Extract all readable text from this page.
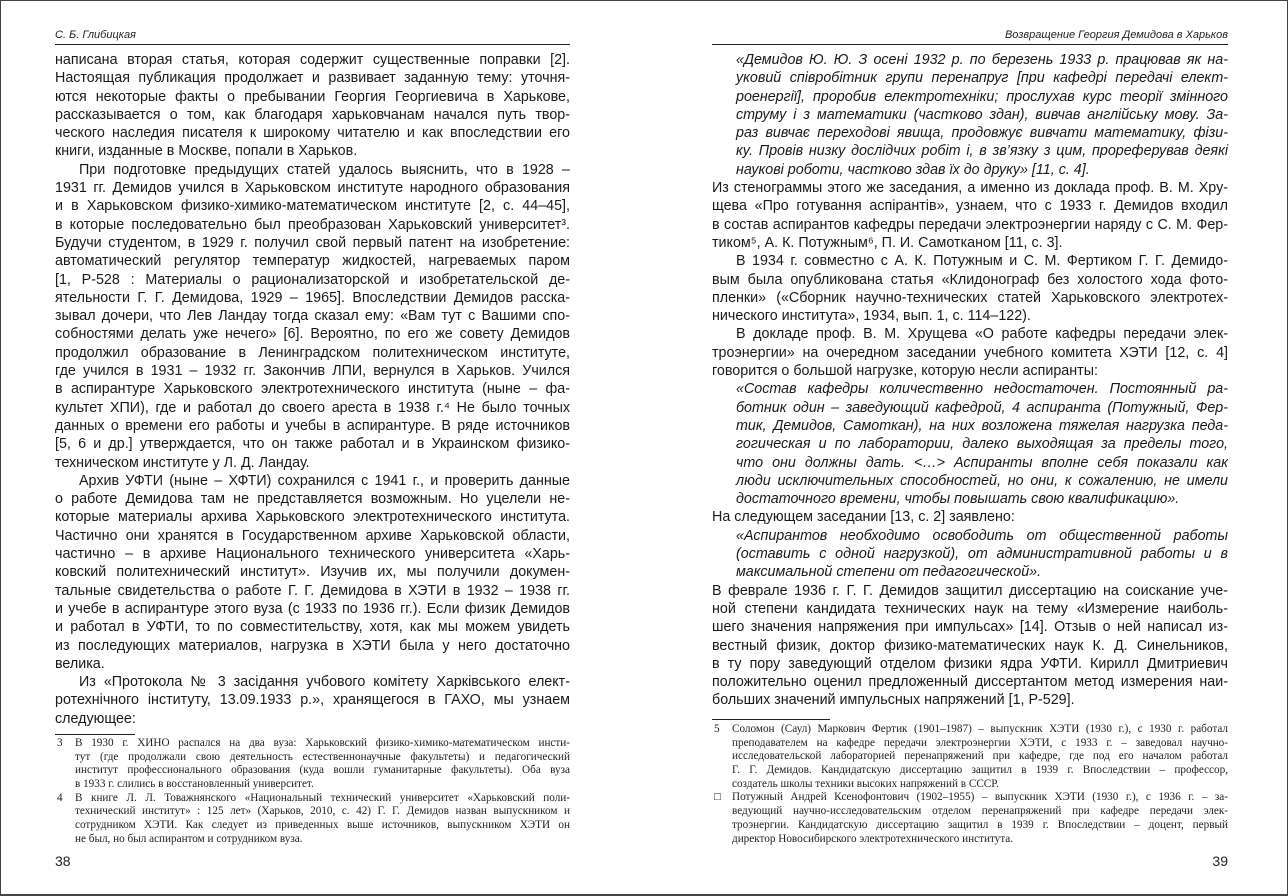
С. Б. Глибицкая
написана вторая статья, которая содержит существенные поправки [2].
Настоящая публикация продолжает и развивает заданную тему: уточня-
ются некоторые факты о пребывании Георгия Георгиевича в Харькове,
рассказывается о том, как благодаря харьковчанам начался путь твор-
ческого наследия писателя к широкому читателю и как впоследствии его
книги, изданные в Москве, попали в Харьков.
При подготовке предыдущих статей удалось выяснить, что в 1928 –
1931 гг. Демидов учился в Харьковском институте народного образования
и в Харьковском физико-химико-математическом институте [2, с. 44–45],
в которые последовательно был преобразован Харьковский университет³.
Будучи студентом, в 1929 г. получил свой первый патент на изобретение:
автоматический регулятор температур жидкостей, нагреваемых паром
[1, Р-528 : Материалы о рационализаторской и изобретательской де-
ятельности Г. Г. Демидова, 1929 – 1965]. Впоследствии Демидов расска-
зывал дочери, что Лев Ландау тогда сказал ему: «Вам тут с Вашими спо-
собностями делать уже нечего» [6]. Вероятно, по его же совету Демидов
продолжил образование в Ленинградском политехническом институте,
где учился в 1931 – 1932 гг. Закончив ЛПИ, вернулся в Харьков. Учился
в аспирантуре Харьковского электротехнического института (ныне – фа-
культет ХПИ), где и работал до своего ареста в 1938 г.⁴ Не было точных
данных о времени его работы и учебы в аспирантуре. В ряде источников
[5, 6 и др.] утверждается, что он также работал и в Украинском физико-
техническом институте у Л. Д. Ландау.
Архив УФТИ (ныне – ХФТИ) сохранился с 1941 г., и проверить данные
о работе Демидова там не представляется возможным. Но уцелели не-
которые материалы архива Харьковского электротехнического института.
Частично они хранятся в Государственном архиве Харьковской области,
частично – в архиве Национального технического университета «Харь-
ковский политехнический институт». Изучив их, мы получили докумен-
тальные свидетельства о работе Г. Г. Демидова в ХЭТИ в 1932 – 1938 гг.
и учебе в аспирантуре этого вуза (с 1933 по 1936 гг.). Если физик Демидов
и работал в УФТИ, то по совместительству, хотя, как мы можем увидеть
из последующих материалов, нагрузка в ХЭТИ была у него достаточно
велика.
Из «Протокола № 3 засідання учбового комітету Харківського елект-
ротехнічного інституту, 13.09.1933 р.», хранящегося в ГАХО, мы узнаем
следующее:
3 В 1930 г. ХИНО распался на два вуза: Харьковский физико-химико-математическом инсти-
тут (где продолжали свою деятельность естественнонаучные факультеты) и педагогический
институт профессионального образования (куда вошли гуманитарные факультеты). Оба вуза
в 1933 г. слились в восстановленный университет.
4 В книге Л. Л. Товажнянского «Национальный технический университет «Харьковский поли-
технический институт» : 125 лет» (Харьков, 2010, с. 42) Г. Г. Демидов назван выпускником и
сотрудником ХЭТИ. Как следует из приведенных выше источников, выпускником ХЭТИ он
не был, но был аспирантом и сотрудником вуза.
38
Возвращение Георгия Демидова в Харьков
«Демидов Ю. Ю. З осені 1932 р. по березень 1933 р. працював як на-
уковий співробітник групи перенапруг [при кафедрі передачі елект-
роенергії], проробив електротехніки; прослухав курс теорії змінного
струму і з математики (частково здан), вивчав англійську мову. За-
раз вивчає переходові явища, продовжує вивчати математику, фізи-
ку. Провів низку дослідчих робіт і, в зв’язку з цим, прореферував деякі
наукові роботи, частково здав їх до друку» [11, с. 4].
Из стенограммы этого же заседания, а именно из доклада проф. В. М. Хру-
щева «Про готування аспірантів», узнаем, что с 1933 г. Демидов входил
в состав аспирантов кафедры передачи электроэнергии наряду с С. М. Фер-
тиком⁵, А. К. Потужным⁶, П. И. Самотканом [11, с. 3].
В 1934 г. совместно с А. К. Потужным и С. М. Фертиком Г. Г. Демидо-
вым была опубликована статья «Клидонограф без холостого хода фото-
пленки» («Сборник научно-технических статей Харьковского электротех-
нического института», 1934, вып. 1, с. 114–122).
В докладе проф. В. М. Хрущева «О работе кафедры передачи элек-
троэнергии» на очередном заседании учебного комитета ХЭТИ [12, с. 4]
говорится о большой нагрузке, которую несли аспиранты:
«Состав кафедры количественно недостаточен. Постоянный ра-
ботник один – заведующий кафедрой, 4 аспиранта (Потужный, Фер-
тик, Демидов, Самоткан), на них возложена тяжелая нагрузка педа-
гогическая и по лаборатории, далеко выходящая за пределы того,
что они должны дать. <…> Аспиранты вполне себя показали как
люди исключительных способностей, но они, к сожалению, не имели
достаточного времени, чтобы повышать свою квалификацию».
На следующем заседании [13, с. 2] заявлено:
«Аспирантов необходимо освободить от общественной работы
(оставить с одной нагрузкой), от административной работы и в
максимальной степени от педагогической».
В феврале 1936 г. Г. Г. Демидов защитил диссертацию на соискание уче-
ной степени кандидата технических наук на тему «Измерение наиболь-
шего значения напряжения при импульсах» [14]. Отзыв о ней написал из-
вестный физик, доктор физико-математических наук К. Д. Синельников,
в ту пору заведующий отделом физики ядра УФТИ. Кирилл Дмитриевич
положительно оценил предложенный диссертантом метод измерения наи-
больших значений импульсных напряжений [1, Р-529].
5 Соломон (Саул) Маркович Фертик (1901–1987) – выпускник ХЭТИ (1930 г.), с 1930 г. работал
преподавателем на кафедре передачи электроэнергии ХЭТИ, с 1933 г. – заведовал научно-
исследовательской лабораторией перенапряжений при кафедре, где под его началом работал
Г. Г. Демидов. Кандидатскую диссертацию защитил в 1939 г. Впоследствии – профессор,
создатель школы техники высоких напряжений в СССР.
□ Потужный Андрей Ксенофонтович (1902–1955) – выпускник ХЭТИ (1930 г.), с 1936 г. – за-
ведующий научно-исследовательским отделом перенапряжений при кафедре передачи элек-
троэнергии. Кандидатскую диссертацию защитил в 1939 г. Впоследствии – доцент, первый
директор Новосибирского электротехнического института.
39
